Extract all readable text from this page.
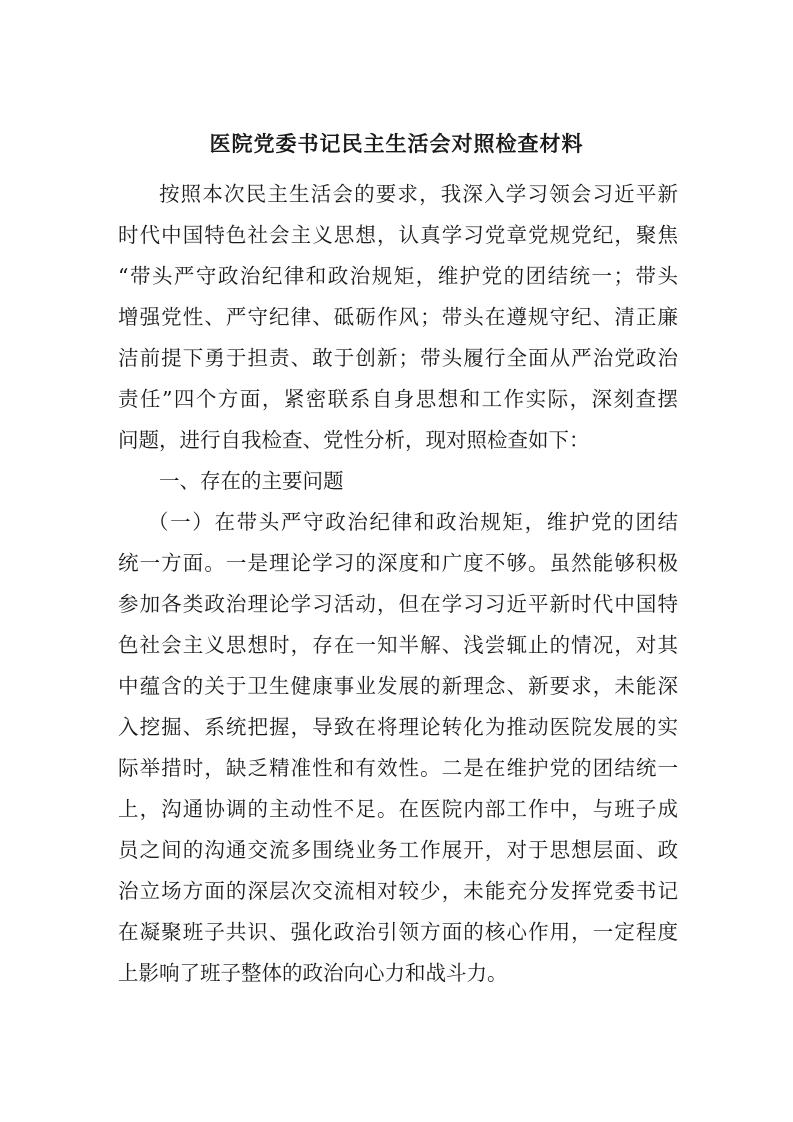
医院党委书记民主生活会对照检查材料
按照本次民主生活会的要求，我深入学习领会习近平新
时代中国特色社会主义思想，认真学习党章党规党纪，聚焦
“带头严守政治纪律和政治规矩，维护党的团结统一；带头
增强党性、严守纪律、砥砺作风；带头在遵规守纪、清正廉
洁前提下勇于担责、敢于创新；带头履行全面从严治党政治
责任”四个方面，紧密联系自身思想和工作实际，深刻查摆
问题，进行自我检查、党性分析，现对照检查如下：
一、存在的主要问题
（一）在带头严守政治纪律和政治规矩，维护党的团结
统一方面。一是理论学习的深度和广度不够。虽然能够积极
参加各类政治理论学习活动，但在学习习近平新时代中国特
色社会主义思想时，存在一知半解、浅尝辄止的情况，对其
中蕴含的关于卫生健康事业发展的新理念、新要求，未能深
入挖掘、系统把握，导致在将理论转化为推动医院发展的实
际举措时，缺乏精准性和有效性。二是在维护党的团结统一
上，沟通协调的主动性不足。在医院内部工作中，与班子成
员之间的沟通交流多围绕业务工作展开，对于思想层面、政
治立场方面的深层次交流相对较少，未能充分发挥党委书记
在凝聚班子共识、强化政治引领方面的核心作用，一定程度
上影响了班子整体的政治向心力和战斗力。
